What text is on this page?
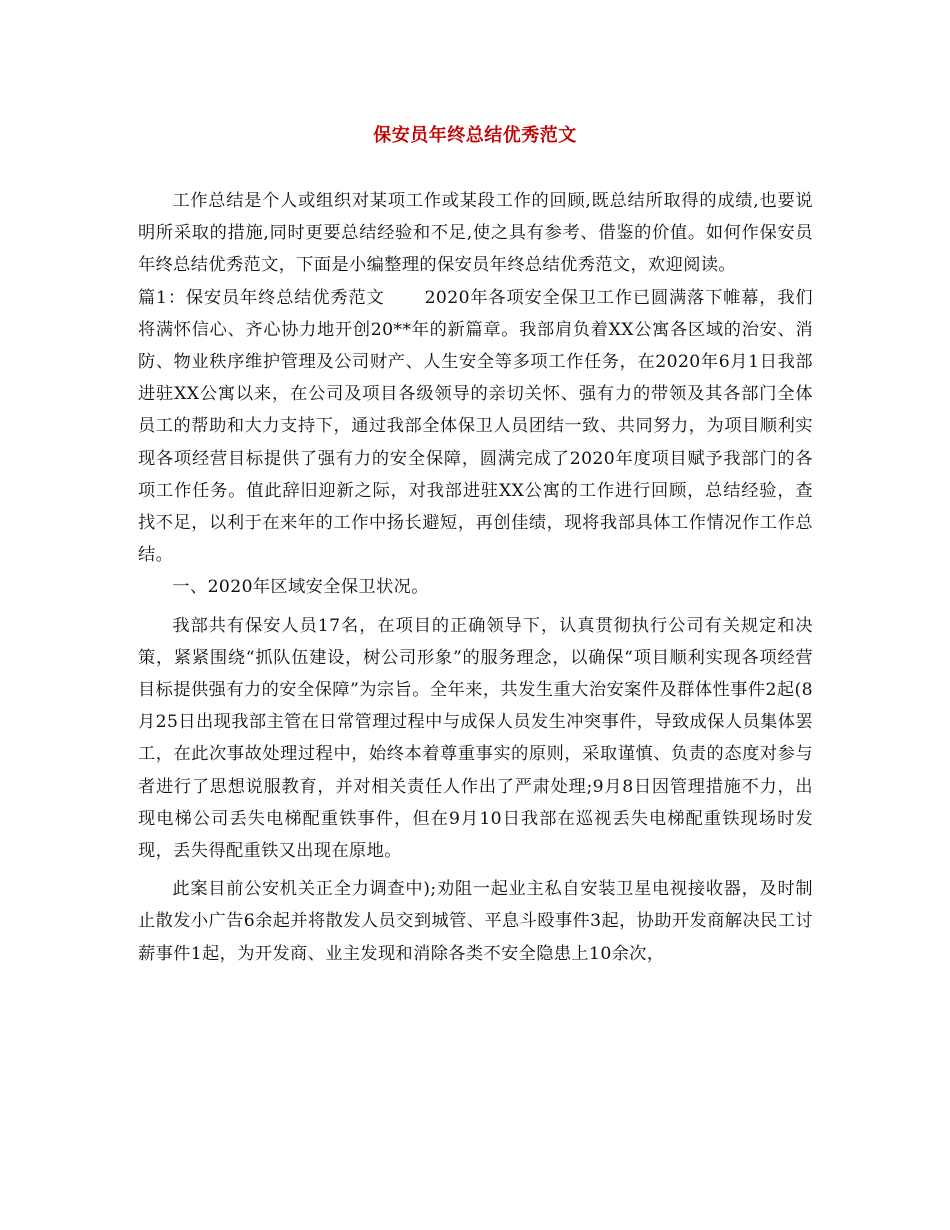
保安员年终总结优秀范文

工作总结是个人或组织对某项工作或某段工作的回顾,既总结所取得的成绩,也要说明所采取的措施,同时更要总结经验和不足,使之具有参考、借鉴的价值。如何作保安员年终总结优秀范文，下面是小编整理的保安员年终总结优秀范文，欢迎阅读。

篇1：保安员年终总结优秀范文 2020年各项安全保卫工作已圆满落下帷幕，我们将满怀信心、齐心协力地开创20**年的新篇章。我部肩负着XX公寓各区域的治安、消防、物业秩序维护管理及公司财产、人生安全等多项工作任务，在2020年6月1日我部进驻XX公寓以来，在公司及项目各级领导的亲切关怀、强有力的带领及其各部门全体员工的帮助和大力支持下，通过我部全体保卫人员团结一致、共同努力，为项目顺利实现各项经营目标提供了强有力的安全保障，圆满完成了2020年度项目赋予我部门的各项工作任务。值此辞旧迎新之际，对我部进驻XX公寓的工作进行回顾，总结经验，查找不足，以利于在来年的工作中扬长避短，再创佳绩，现将我部具体工作情况作工作总结。

一、2020年区域安全保卫状况。

我部共有保安人员17名，在项目的正确领导下，认真贯彻执行公司有关规定和决策，紧紧围绕“抓队伍建设，树公司形象”的服务理念，以确保“项目顺利实现各项经营目标提供强有力的安全保障”为宗旨。全年来，共发生重大治安案件及群体性事件2起(8月25日出现我部主管在日常管理过程中与成保人员发生冲突事件，导致成保人员集体罢工，在此次事故处理过程中，始终本着尊重事实的原则，采取谨慎、负责的态度对参与者进行了思想说服教育，并对相关责任人作出了严肃处理;9月8日因管理措施不力，出现电梯公司丢失电梯配重铁事件，但在9月10日我部在巡视丢失电梯配重铁现场时发现，丢失得配重铁又出现在原地。

此案目前公安机关正全力调查中);劝阻一起业主私自安装卫星电视接收器，及时制止散发小广告6余起并将散发人员交到城管、平息斗殴事件3起，协助开发商解决民工讨薪事件1起，为开发商、业主发现和消除各类不安全隐患上10余次，
